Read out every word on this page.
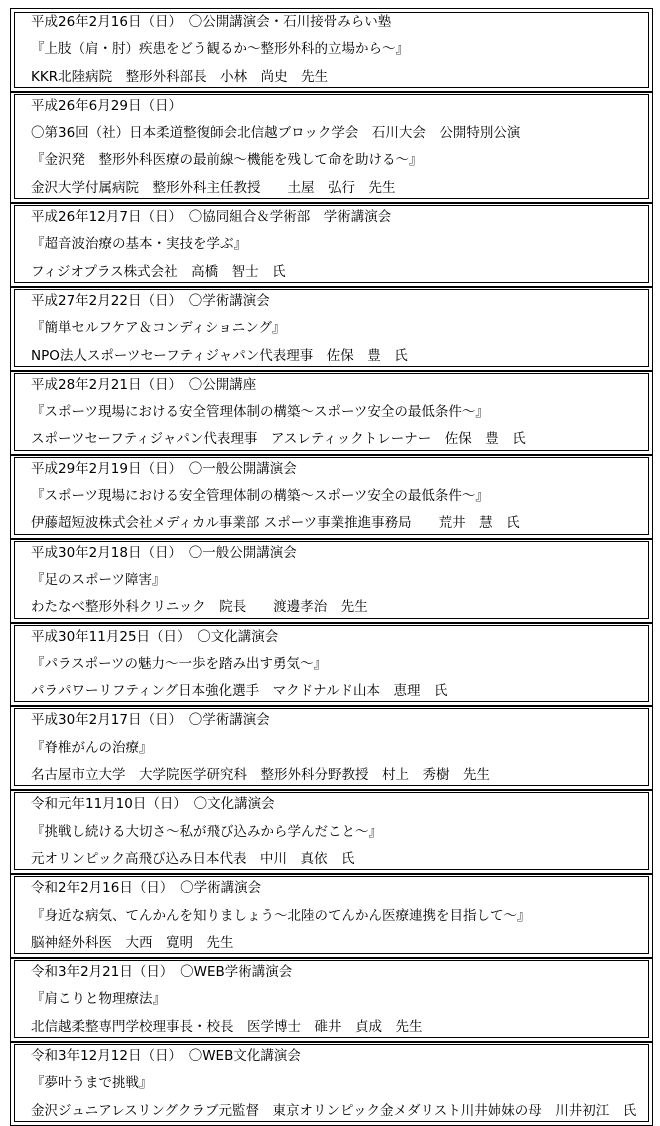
平成26年2月16日（日）　〇公開講演会・石川接骨みらい塾
『上肢（肩・肘）疾患をどう観るか～整形外科的立場から～』
KKR北陸病院　整形外科部長　小林　尚史　先生
平成26年6月29日（日）
〇第36回（社）日本柔道整復師会北信越ブロック学会　石川大会　公開特別公演
『金沢発　整形外科医療の最前線～機能を残して命を助ける～』
金沢大学付属病院　整形外科主任教授　　土屋　弘行　先生
平成26年12月7日（日）　〇協同組合＆学術部　学術講演会
『超音波治療の基本・実技を学ぶ』
フィジオプラス株式会社　高橋　智士　氏
平成27年2月22日（日）　〇学術講演会
『簡単セルフケア＆コンディショニング』
NPO法人スポーツセーフティジャパン代表理事　佐保　豊　氏
平成28年2月21日（日）　〇公開講座
『スポーツ現場における安全管理体制の構築～スポーツ安全の最低条件～』
スポーツセーフティジャパン代表理事　アスレティックトレーナー　佐保　豊　氏
平成29年2月19日（日）　〇一般公開講演会
『スポーツ現場における安全管理体制の構築～スポーツ安全の最低条件～』
伊藤超短波株式会社メディカル事業部 スポーツ事業推進事務局　　荒井　慧　氏
平成30年2月18日（日）　〇一般公開講演会
『足のスポーツ障害』
わたなべ整形外科クリニック　院長　　渡邊孝治　先生
平成30年11月25日（日）　〇文化講演会
『パラスポーツの魅力～一歩を踏み出す勇気～』
パラパワーリフティング日本強化選手　マクドナルド山本　恵理　氏
平成30年2月17日（日）　〇学術講演会
『脊椎がんの治療』
名古屋市立大学　大学院医学研究科　整形外科分野教授　村上　秀樹　先生
令和元年11月10日（日）　〇文化講演会
『挑戦し続ける大切さ～私が飛び込みから学んだこと～』
元オリンピック高飛び込み日本代表　中川　真依　氏
令和2年2月16日（日）　〇学術講演会
『身近な病気、てんかんを知りましょう～北陸のてんかん医療連携を目指して～』
脳神経外科医　大西　寛明　先生
令和3年2月21日（日）　〇WEB学術講演会
『肩こりと物理療法』
北信越柔整専門学校理事長・校長　医学博士　碓井　貞成　先生
令和3年12月12日（日）　〇WEB文化講演会
『夢叶うまで挑戦』
金沢ジュニアレスリングクラブ元監督　東京オリンピック金メダリスト川井姉妹の母　川井初江　氏
